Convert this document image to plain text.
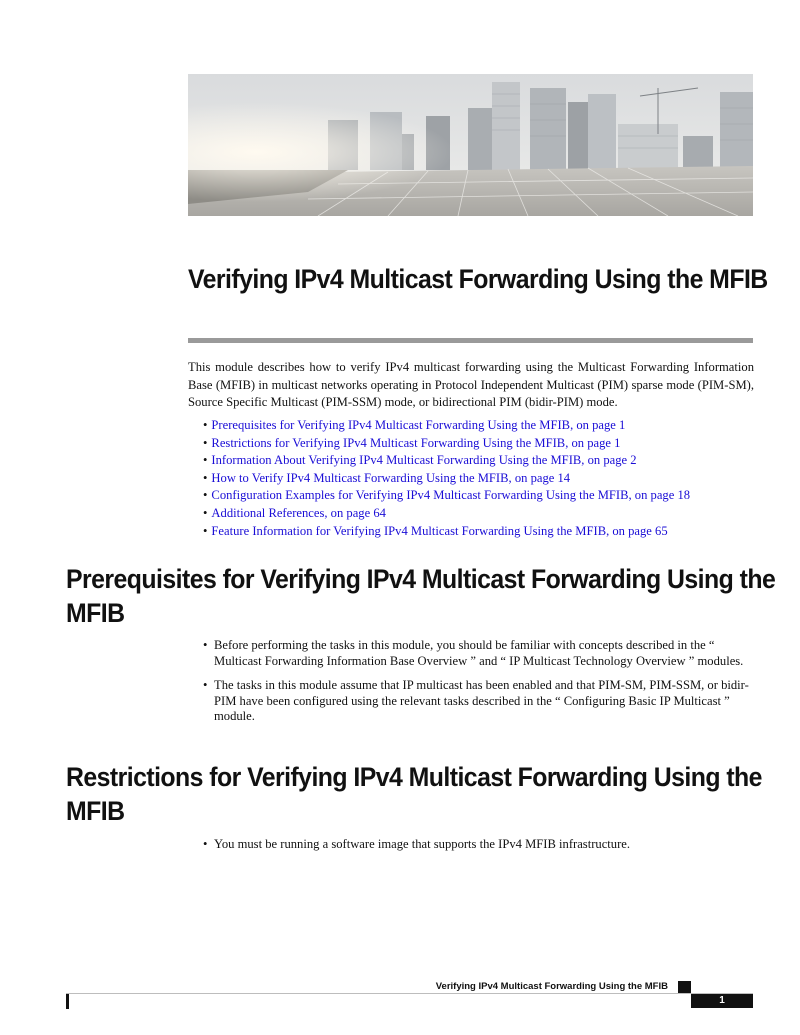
Verifying IPv4 Multicast Forwarding Using the MFIB

This module describes how to verify IPv4 multicast forwarding using the Multicast Forwarding Information Base (MFIB) in multicast networks operating in Protocol Independent Multicast (PIM) sparse mode (PIM-SM), Source Specific Multicast (PIM-SSM) mode, or bidirectional PIM (bidir-PIM) mode.

• Prerequisites for Verifying IPv4 Multicast Forwarding Using the MFIB, on page 1
• Restrictions for Verifying IPv4 Multicast Forwarding Using the MFIB, on page 1
• Information About Verifying IPv4 Multicast Forwarding Using the MFIB, on page 2
• How to Verify IPv4 Multicast Forwarding Using the MFIB, on page 14
• Configuration Examples for Verifying IPv4 Multicast Forwarding Using the MFIB, on page 18
• Additional References, on page 64
• Feature Information for Verifying IPv4 Multicast Forwarding Using the MFIB, on page 65
Prerequisites for Verifying IPv4 Multicast Forwarding Using the
MFIB
• Before performing the tasks in this module, you should be familiar with concepts described in the “ Multicast Forwarding Information Base Overview ” and “ IP Multicast Technology Overview ” modules.
• The tasks in this module assume that IP multicast has been enabled and that PIM-SM, PIM-SSM, or bidir-PIM have been configured using the relevant tasks described in the “ Configuring Basic IP Multicast ” module.
Restrictions for Verifying IPv4 Multicast Forwarding Using the
MFIB
• You must be running a software image that supports the IPv4 MFIB infrastructure.
Verifying IPv4 Multicast Forwarding Using the MFIB
1
